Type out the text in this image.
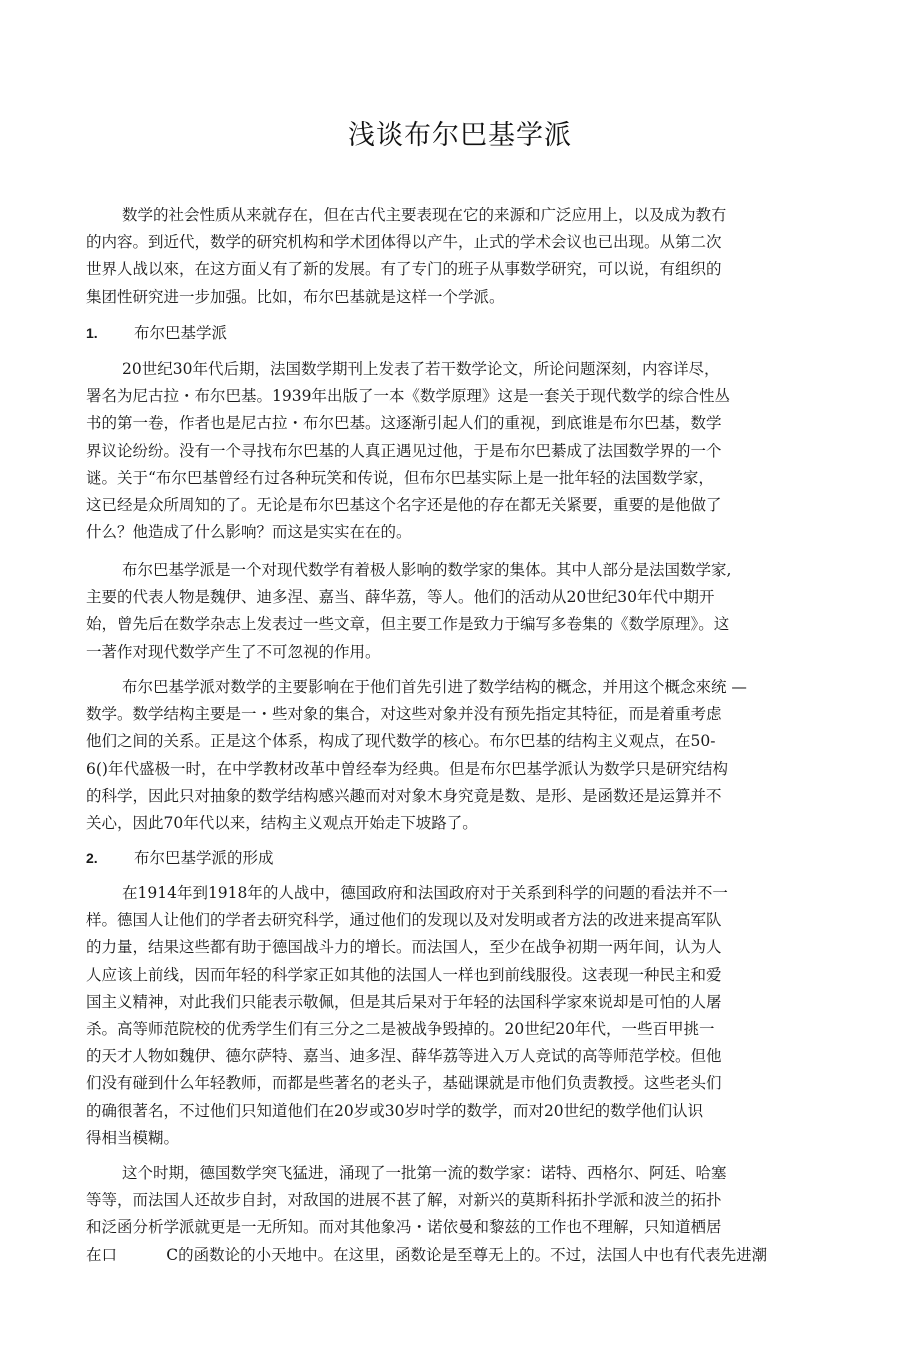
浅谈布尔巴基学派
数学的社会性质从来就存在，但在古代主要表现在它的来源和广泛应用上，以及成为教冇
的内容。到近代，数学的研究机构和学术团体得以产牛，止式的学术会议也已出现。从第二次
世界人战以來，在这方面乂有了新的发展。有了专门的班子从事数学研究，可以说，有组织的
集团性研究进一步加强。比如，布尔巴基就是这样一个学派。
1. 布尔巴基学派
20世纪30年代后期，法国数学期刊上发表了若干数学论文，所论问题深刻，内容详尽，
署名为尼古拉・布尔巴基。1939年出版了一本《数学原理》这是一套关于现代数学的综合性丛
书的第一卷，作者也是尼古拉・布尔巴基。这逐渐引起人们的重视，到底谁是布尔巴基，数学
界议论纷纷。没有一个寻找布尔巴基的人真正遇见过他，于是布尔巴綦成了法国数学界的一个
谜。关于“布尔巴基曾经冇过各种玩笑和传说，但布尔巴基实际上是一批年轻的法国数学家，
这已经是众所周知的了。无论是布尔巴基这个名字还是他的存在都无关紧要，重要的是他做了
什么？他造成了什么影响？而这是实实在在的。
布尔巴基学派是一个对现代数学有着极人影响的数学家的集体。其中人部分是法国数学家,
主要的代表人物是魏伊、迪多涅、嘉当、薛华荔，等人。他们的活动从20世纪30年代中期开
始，曾先后在数学杂志上发表过一些文章，但主要工作是致力于编写多卷集的《数学原理》。这
一著作对现代数学产生了不可忽视的作用。
布尔巴基学派对数学的主要影响在于他们首先引进了数学结构的概念，并用这个概念來统 —
数学。数学结构主要是一・些对象的集合，对这些对象并没有预先指定其特征，而是着重考虑
他们之间的关系。正是这个体系，构成了现代数学的核心。布尔巴基的结构主义观点，在50-
6()年代盛极一时，在中学教材改革中曽经奉为经典。但是布尔巴基学派认为数学只是研究结构
的科学，因此只对抽象的数学结构感兴趣而对对象木身究竟是数、是形、是函数还是运算并不
关心，因此70年代以来，结构主义观点开始走下坡路了。
2. 布尔巴基学派的形成
在1914年到1918年的人战中，德国政府和法国政府对于关系到科学的问题的看法并不一
样。德国人让他们的学者去研究科学，通过他们的发现以及对发明或者方法的改进来提高军队
的力量，结果这些都有助于德国战斗力的增长。而法国人，至少在战争初期一两年间，认为人
人应该上前线，因而年轻的科学家正如其他的法国人一样也到前线服役。这表现一种民主和爱
国主义精神，对此我们只能表示敬佩，但是其后杲对于年轻的法国科学家來说却是可怕的人屠
杀。高等师范院校的优秀学生们有三分之二是被战争毁掉的。20世纪20年代，一些百甲挑一
的天才人物如魏伊、德尔萨特、嘉当、迪多涅、薛华荔等进入万人竞试的高等师范学校。但他
们没有碰到什么年轻教师，而都是些著名的老头子，基础课就是市他们负责教授。这些老头们
的确很著名，不过他们只知道他们在20岁或30岁吋学的数学，而对20世纪的数学他们认识
得相当模糊。
这个时期，德国数学突飞猛进，涌现了一批第一流的数学家：诺特、西格尔、阿廷、哈塞
等等，而法国人还故步自封，对敌国的进展不甚了解，对新兴的莫斯科拓扑学派和波兰的拓扑
和泛函分析学派就更是一无所知。而对其他象冯・诺依曼和黎兹的工作也不理解，只知道栖居
在口          C的函数论的小天地中。在这里，函数论是至尊无上的。不过，法国人中也有代表先进潮
